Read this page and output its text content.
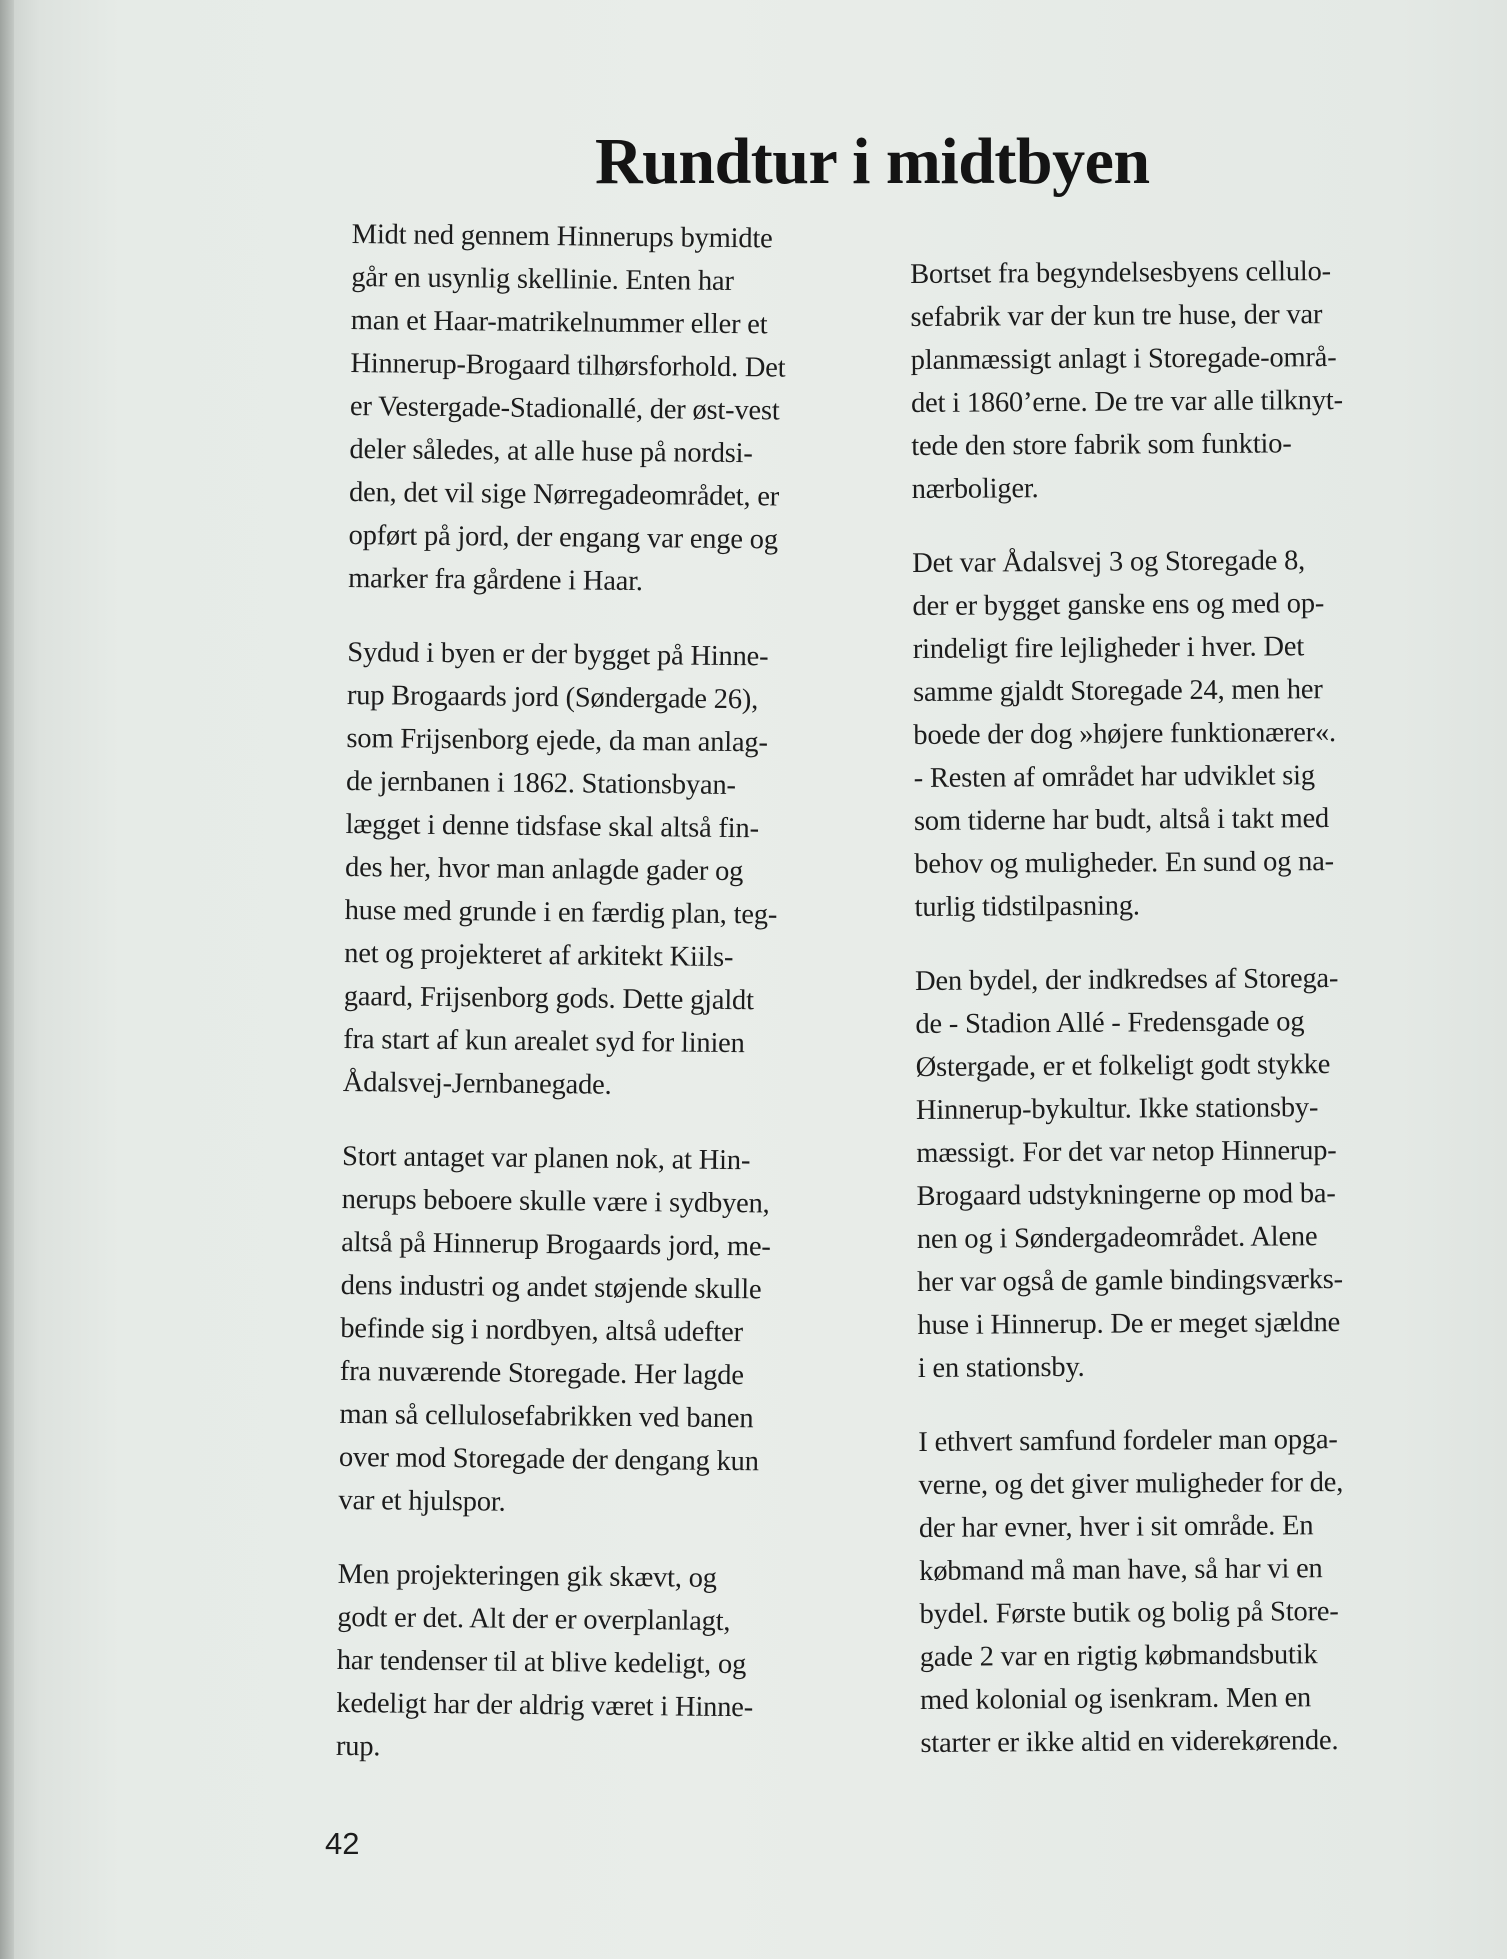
Rundtur i midtbyen
Midt ned gennem Hinnerups bymidte
går en usynlig skellinie. Enten har
man et Haar-matrikelnummer eller et
Hinnerup-Brogaard tilhørsforhold. Det
er Vestergade-Stadionallé, der øst-vest
deler således, at alle huse på nordsi-
den, det vil sige Nørregadeområdet, er
opført på jord, der engang var enge og
marker fra gårdene i Haar.
Sydud i byen er der bygget på Hinne-
rup Brogaards jord (Søndergade 26),
som Frijsenborg ejede, da man anlag-
de jernbanen i 1862. Stationsbyan-
lægget i denne tidsfase skal altså fin-
des her, hvor man anlagde gader og
huse med grunde i en færdig plan, teg-
net og projekteret af arkitekt Kiils-
gaard, Frijsenborg gods. Dette gjaldt
fra start af kun arealet syd for linien
Ådalsvej-Jernbanegade.
Stort antaget var planen nok, at Hin-
nerups beboere skulle være i sydbyen,
altså på Hinnerup Brogaards jord, me-
dens industri og andet støjende skulle
befinde sig i nordbyen, altså udefter
fra nuværende Storegade. Her lagde
man så cellulosefabrikken ved banen
over mod Storegade der dengang kun
var et hjulspor.
Men projekteringen gik skævt, og
godt er det. Alt der er overplanlagt,
har tendenser til at blive kedeligt, og
kedeligt har der aldrig været i Hinne-
rup.
Bortset fra begyndelsesbyens cellulo-
sefabrik var der kun tre huse, der var
planmæssigt anlagt i Storegade-områ-
det i 1860’erne. De tre var alle tilknyt-
tede den store fabrik som funktio-
nærboliger.
Det var Ådalsvej 3 og Storegade 8,
der er bygget ganske ens og med op-
rindeligt fire lejligheder i hver. Det
samme gjaldt Storegade 24, men her
boede der dog »højere funktionærer«.
- Resten af området har udviklet sig
som tiderne har budt, altså i takt med
behov og muligheder. En sund og na-
turlig tidstilpasning.
Den bydel, der indkredses af Storega-
de - Stadion Allé - Fredensgade og
Østergade, er et folkeligt godt stykke
Hinnerup-bykultur. Ikke stationsby-
mæssigt. For det var netop Hinnerup-
Brogaard udstykningerne op mod ba-
nen og i Søndergadeområdet. Alene
her var også de gamle bindingsværks-
huse i Hinnerup. De er meget sjældne
i en stationsby.
I ethvert samfund fordeler man opga-
verne, og det giver muligheder for de,
der har evner, hver i sit område. En
købmand må man have, så har vi en
bydel. Første butik og bolig på Store-
gade 2 var en rigtig købmandsbutik
med kolonial og isenkram. Men en
starter er ikke altid en viderekørende.
42
